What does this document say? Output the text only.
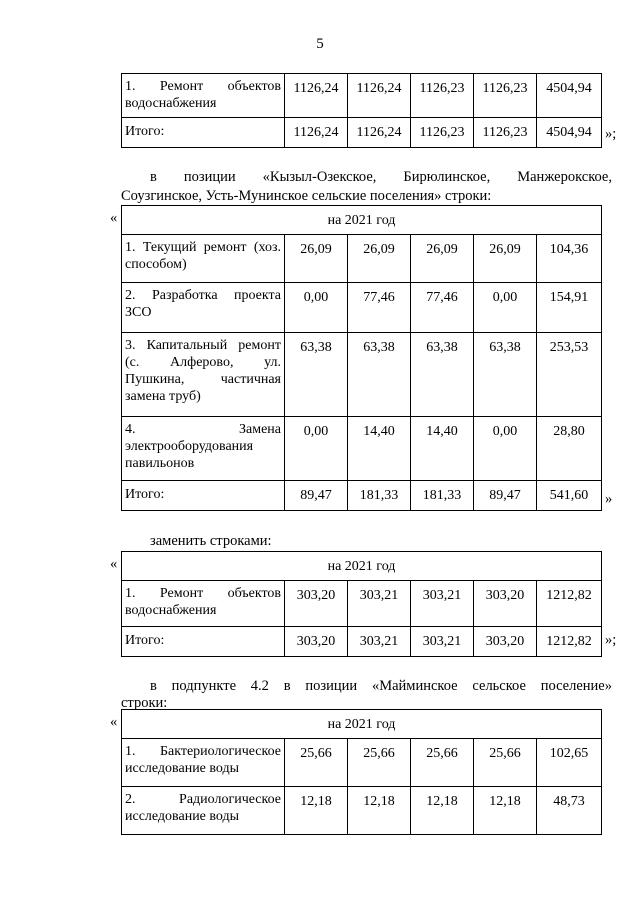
5
1. Ремонт объектов водоснабжения	1126,24	1126,24	1126,23	1126,23	4504,94
Итого:	1126,24	1126,24	1126,23	1126,23	4504,94 »;
в позиции «Кызыл-Озекское, Бирюлинское, Манжерокское,
Соузгинское, Усть-Мунинское сельские поселения» строки:
«	на 2021 год					
1. Текущий ремонт (хоз. способом)	26,09	26,09	26,09	26,09	104,36
2. Разработка проекта ЗСО	0,00	77,46	77,46	0,00	154,91
3. Капитальный ремонт (с. Алферово, ул. Пушкина, частичная замена труб)	63,38	63,38	63,38	63,38	253,53
4. Замена электрооборудования павильонов	0,00	14,40	14,40	0,00	28,80
Итого:	89,47	181,33	181,33	89,47	541,60 »
заменить строками:
«	на 2021 год					
1. Ремонт объектов водоснабжения	303,20	303,21	303,21	303,20	1212,82
Итого:	303,20	303,21	303,21	303,20	1212,82 »;
в подпункте 4.2 в позиции «Майминское сельское поселение»
строки:
«	на 2021 год					
1. Бактериологическое исследование воды	25,66	25,66	25,66	25,66	102,65
2. Радиологическое исследование воды	12,18	12,18	12,18	12,18	48,73
